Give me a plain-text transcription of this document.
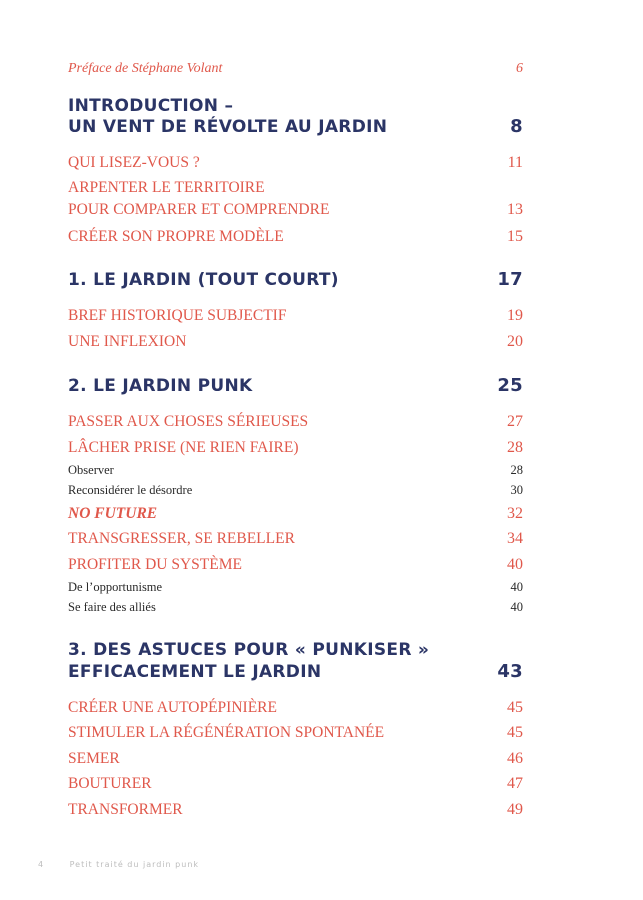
Préface de Stéphane Volant	6
INTRODUCTION –
UN VENT DE RÉVOLTE AU JARDIN	8
QUI LISEZ-VOUS ?	11
ARPENTER LE TERRITOIRE
POUR COMPARER ET COMPRENDRE	13
CRÉER SON PROPRE MODÈLE	15
1. LE JARDIN (TOUT COURT)	17
BREF HISTORIQUE SUBJECTIF	19
UNE INFLEXION	20
2. LE JARDIN PUNK	25
PASSER AUX CHOSES SÉRIEUSES	27
LÂCHER PRISE (NE RIEN FAIRE)	28
Observer	28
Reconsidérer le désordre	30
NO FUTURE	32
TRANSGRESSER, SE REBELLER	34
PROFITER DU SYSTÈME	40
De l’opportunisme	40
Se faire des alliés	40
3. DES ASTUCES POUR « PUNKISER »
EFFICACEMENT LE JARDIN	43
CRÉER UNE AUTOPÉPINIÈRE	45
STIMULER LA RÉGÉNÉRATION SPONTANÉE	45
SEMER	46
BOUTURER	47
TRANSFORMER	49
4	Petit traité du jardin punk
